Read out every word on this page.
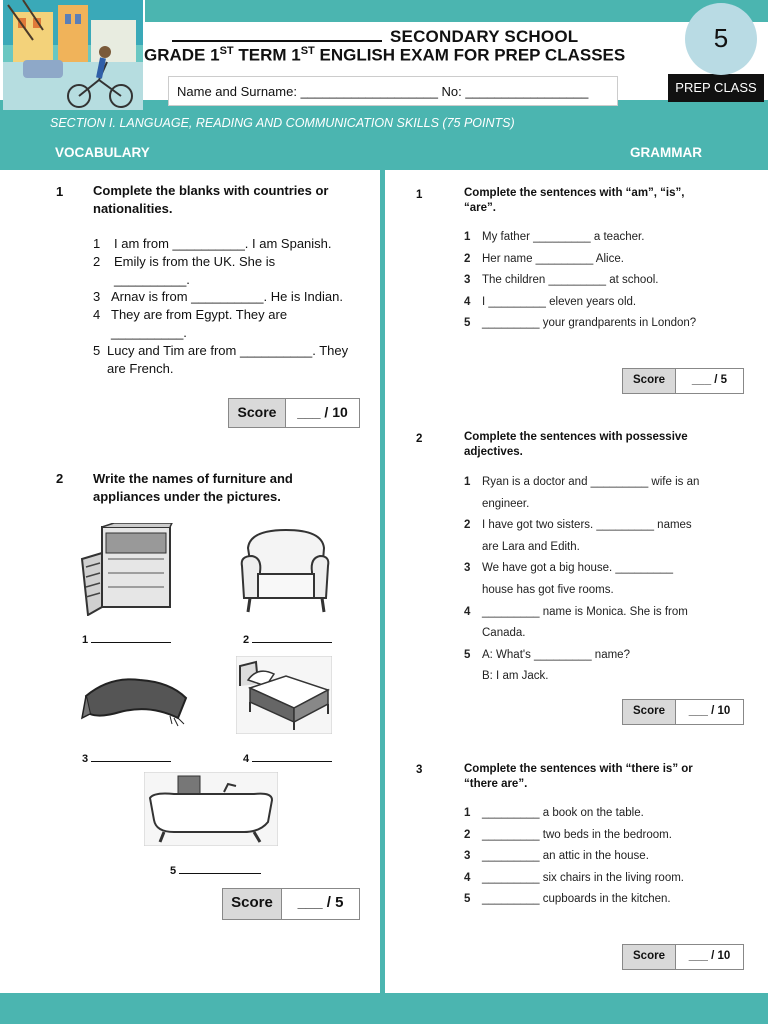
SECONDARY SCHOOL
GRADE 1ST TERM 1ST ENGLISH EXAM FOR PREP CLASSES
Name and Surname: ___________________ No: _________________	PREP CLASS
5
SECTION I. LANGUAGE, READING AND COMMUNICATION SKILLS (75 POINTS)
VOCABULARY	GRAMMAR
1 Complete the blanks with countries or
nationalities.
1 I am from __________. I am Spanish.
2 Emily is from the UK. She is
__________.
3 Arnav is from __________. He is Indian.
4 They are from Egypt. They are
__________.
5 Lucy and Tim are from __________. They
are French.
Score	___ / 10
2 Write the names of furniture and
appliances under the pictures.
1	2
3	4
5
Score	___ / 5
1	Complete the sentences with “am”, “is”,
“are”.
1 My father _________ a teacher.
2 Her name _________ Alice.
3 The children _________ at school.
4 I _________ eleven years old.
5 _________ your grandparents in London?
Score	___ / 5
2	Complete the sentences with possessive
adjectives.
1 Ryan is a doctor and _________ wife is an
engineer.
2 I have got two sisters. _________ names
are Lara and Edith.
3 We have got a big house. _________
house has got five rooms.
4 _________ name is Monica. She is from
Canada.
5 A: What's _________ name?
B: I am Jack.
Score	___ / 10
3	Complete the sentences with “there is” or
“there are”.
1 _________ a book on the table.
2 _________ two beds in the bedroom.
3 _________ an attic in the house.
4 _________ six chairs in the living room.
5 _________ cupboards in the kitchen.
Score	___ / 10
